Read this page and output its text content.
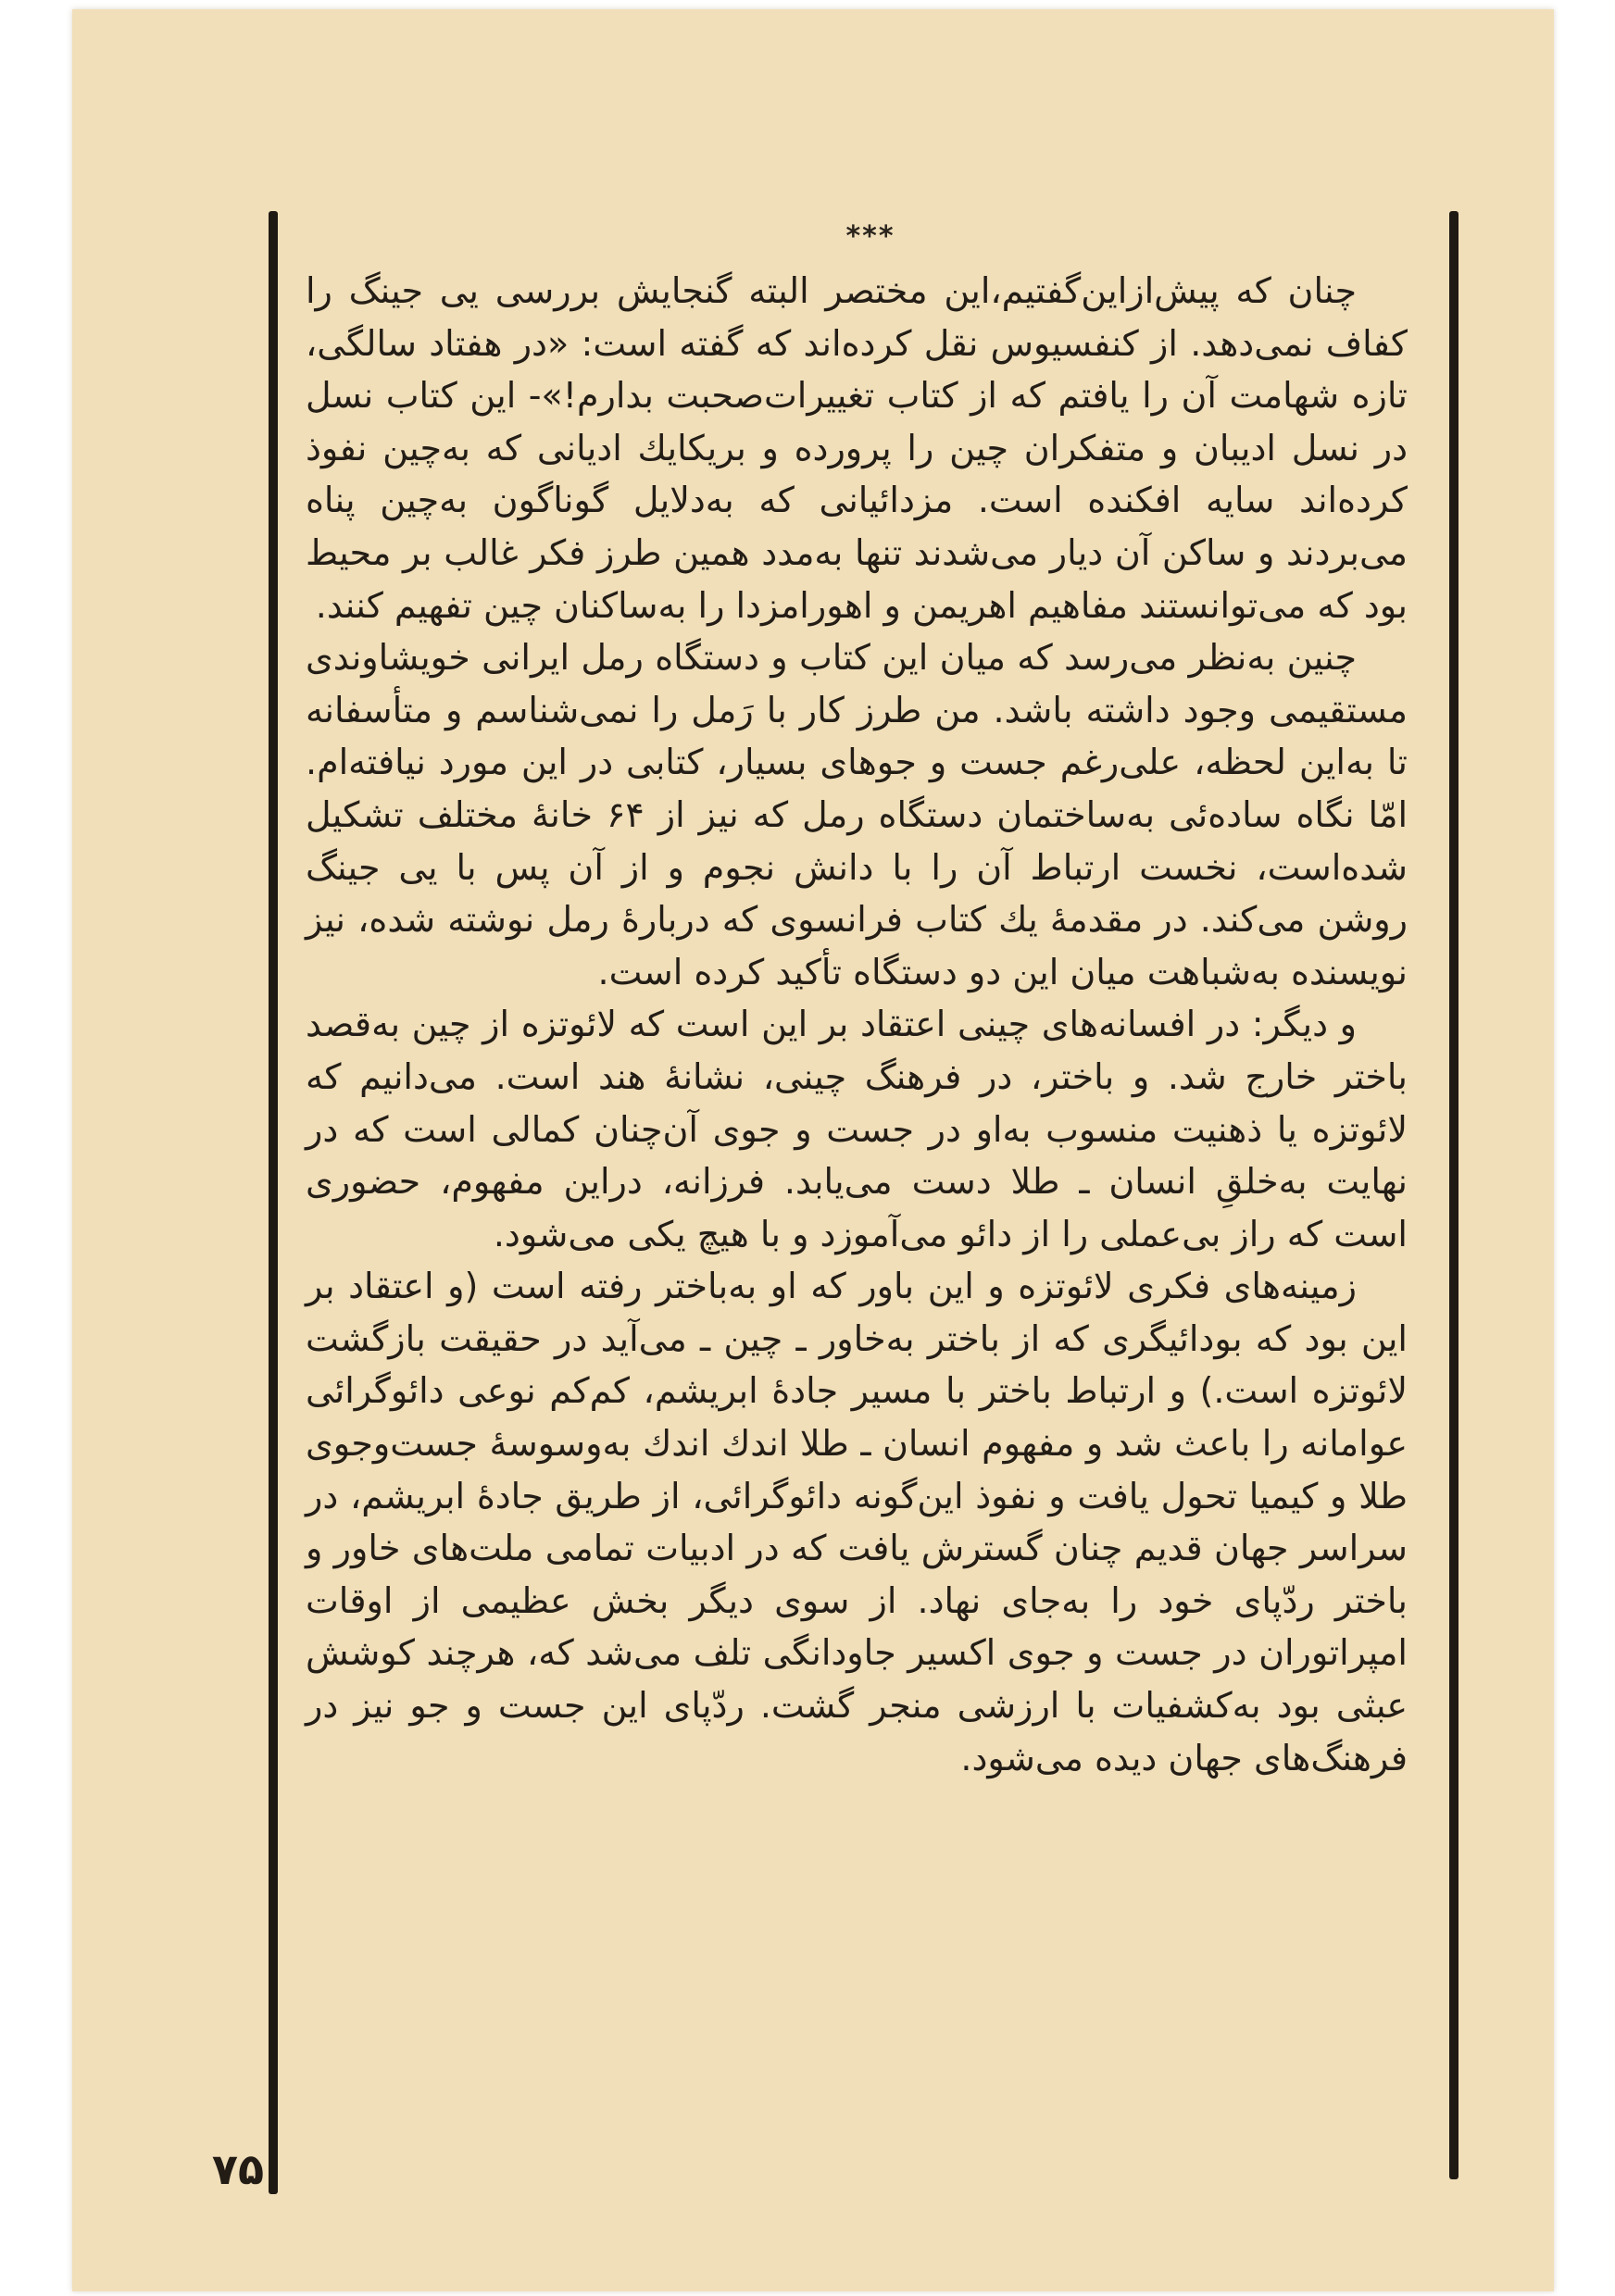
***

چنان که پیش‌ازاین‌گفتیم،این مختصر البته گنجایش بررسی یی جینگ را کفاف نمی‌دهد. از کنفسیوس نقل کرده‌اند که گفته است: «در هفتاد سالگی، تازه شهامت آن را یافتم که از کتاب تغییرات‌صحبت بدارم!»- این کتاب نسل در نسل ادیبان و متفکران چین را پرورده و بریکایك ادیانی که به‌چین نفوذ کرده‌اند سایه افکنده است. مزدائیانی که به‌دلایل گوناگون به‌چین پناه می‌بردند و ساکن آن دیار می‌شدند تنها به‌مدد همین طرز فکر غالب بر محیط بود که می‌توانستند مفاهیم اهریمن و اهورامزدا را به‌ساکنان چین تفهیم کنند.

چنین به‌نظر می‌رسد که میان این کتاب و دستگاه رمل ایرانی خویشاوندی مستقیمی وجود داشته باشد. من طرز کار با رَمل را نمی‌شناسم و متأسفانه تا به‌این لحظه، علی‌رغم جست و جوهای بسیار، کتابی در این مورد نیافته‌ام. امّا نگاه ساده‌ئی به‌ساختمان دستگاه رمل که نیز از ۶۴ خانهٔ مختلف تشکیل شده‌است، نخست ارتباط آن را با دانش نجوم و از آن پس با یی جینگ روشن می‌کند. در مقدمهٔ یك کتاب فرانسوی که دربارهٔ رمل نوشته شده، نیز نویسنده به‌شباهت میان این دو دستگاه تأکید کرده است.

و دیگر: در افسانه‌های چینی اعتقاد بر این است که لائوتزه از چین به‌قصد باختر خارج شد. و باختر، در فرهنگ چینی، نشانهٔ هند است. می‌دانیم که لائوتزه یا ذهنیت منسوب به‌او در جست و جوی آن‌چنان کمالی است که در نهایت به‌خلقِ انسان ـ طلا دست می‌یابد. فرزانه، دراین مفهوم، حضوری است که راز بی‌عملی را از دائو می‌آموزد و با هیچ یکی می‌شود.

زمینه‌های فکری لائوتزه و این باور که او به‌باختر رفته است (و اعتقاد بر این بود که بودائیگری که از باختر به‌خاور ـ چین ـ می‌آید در حقیقت بازگشت لائوتزه است.) و ارتباط باختر با مسیر جادهٔ ابریشم، کم‌کم نوعی دائوگرائی عوامانه را باعث شد و مفهوم انسان ـ طلا اندك اندك به‌وسوسهٔ جست‌وجوی طلا و کیمیا تحول یافت و نفوذ این‌گونه دائوگرائی، از طریق جادهٔ ابریشم، در سراسر جهان قدیم چنان گسترش یافت که در ادبیات تمامی ملت‌های خاور و باختر ردّپای خود را به‌جای نهاد. از سوی دیگر بخش عظیمی از اوقات امپراتوران در جست و جوی اکسیر جاودانگی تلف می‌شد که، هرچند کوشش عبثی بود به‌کشفیات با ارزشی منجر گشت. ردّپای این جست و جو نیز در فرهنگ‌های جهان دیده می‌شود.

۷۵
